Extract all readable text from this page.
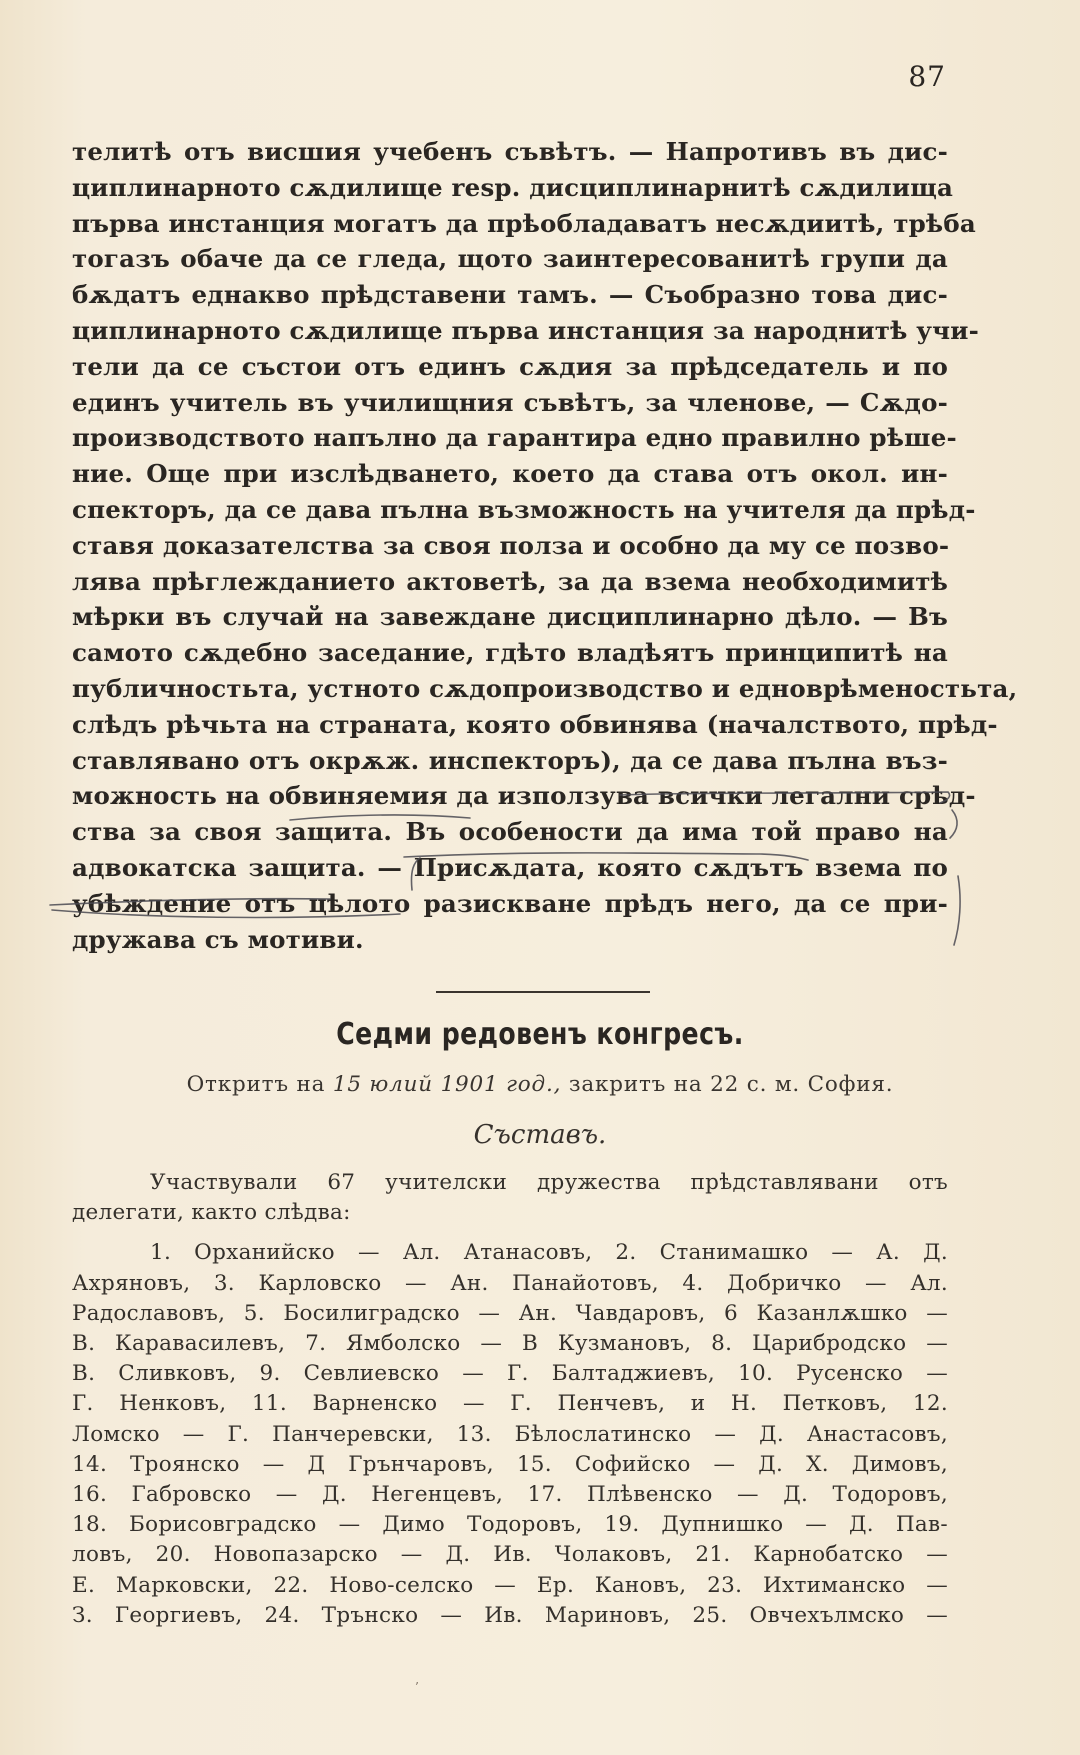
87
телитѣ отъ висшия учебенъ съвѣтъ. — Напротивъ въ дис-
циплинарното сѫдилище resp. дисциплинарнитѣ сѫдилища
първа инстанция могатъ да прѣобладаватъ несѫдиитѣ, трѣба
тогазъ обаче да се гледа, щото заинтересованитѣ групи да
бѫдатъ еднакво прѣдставени тамъ. — Съобразно това дис-
циплинарното сѫдилище първа инстанция за народнитѣ учи-
тели да се състои отъ единъ сѫдия за прѣдседатель и по
единъ учитель въ училищния съвѣтъ, за членове, — Сѫдо-
производството напълно да гарантира едно правилно рѣше-
ние. Още при изслѣдването, което да става отъ окол. ин-
спекторъ, да се дава пълна възможность на учителя да прѣд-
ставя доказателства за своя полза и особно да му се позво-
лява прѣглежданието актоветѣ, за да взема необходимитѣ
мѣрки въ случай на завеждане дисциплинарно дѣло. — Въ
самото сѫдебно заседание, гдѣто владѣятъ принципитѣ на
публичностьта, устното сѫдопроизводство и едноврѣменостьта,
слѣдъ рѣчьта на страната, която обвинява (началството, прѣд-
ставлявано отъ окрѫж. инспекторъ), да се дава пълна въз-
можность на обвиняемия да използува всички легални срѣд-
ства за своя защита. Въ особености да има той право на
адвокатска защита. — Присѫдата, която сѫдътъ взема по
убѣждение отъ цѣлото разискване прѣдъ него, да се при-
дружава съ мотиви.
Седми редовенъ конгресъ.
Откритъ на 15 юлий 1901 год., закритъ на 22 с. м. София.
Съставъ.
Участвували 67 учителски дружества прѣдставлявани отъ
делегати, както слѣдва:
1. Орханийско — Ал. Атанасовъ, 2. Станимашко — А. Д.
Ахряновъ, 3. Карловско — Ан. Панайотовъ, 4. Добричко — Ал.
Радославовъ, 5. Босилиградско — Ан. Чавдаровъ, 6 Казанлѫшко —
В. Каравасилевъ, 7. Ямболско — В Кузмановъ, 8. Царибродско —
В. Сливковъ, 9. Севлиевско — Г. Балтаджиевъ, 10. Русенско —
Г. Ненковъ, 11. Варненско — Г. Пенчевъ, и Н. Петковъ, 12.
Ломско — Г. Панчеревски, 13. Бѣлослатинско — Д. Анастасовъ,
14. Троянско — Д Грънчаровъ, 15. Софийско — Д. Х. Димовъ,
16. Габровско — Д. Негенцевъ, 17. Плѣвенско — Д. Тодоровъ,
18. Борисовградско — Димо Тодоровъ, 19. Дупнишко — Д. Пав-
ловъ, 20. Новопазарско — Д. Ив. Чолаковъ, 21. Карнобатско —
Е. Марковски, 22. Ново-селско — Ер. Кановъ, 23. Ихтиманско —
З. Георгиевъ, 24. Трънско — Ив. Мариновъ, 25. Овчехълмско —
’
